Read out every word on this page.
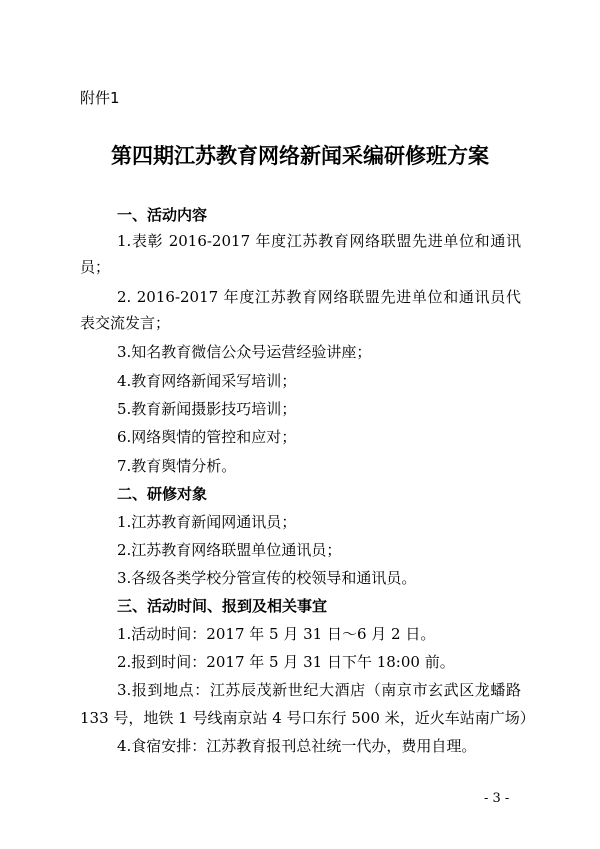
附件1
第四期江苏教育网络新闻采编研修班方案
一、活动内容
1.表彰 2016-2017 年度江苏教育网络联盟先进单位和通讯
员；
2. 2016-2017 年度江苏教育网络联盟先进单位和通讯员代
表交流发言；
3.知名教育微信公众号运营经验讲座；
4.教育网络新闻采写培训；
5.教育新闻摄影技巧培训；
6.网络舆情的管控和应对；
7.教育舆情分析。
二、研修对象
1.江苏教育新闻网通讯员；
2.江苏教育网络联盟单位通讯员；
3.各级各类学校分管宣传的校领导和通讯员。
三、活动时间、报到及相关事宜
1.活动时间：2017 年 5 月 31 日～6 月 2 日。
2.报到时间：2017 年 5 月 31 日下午 18:00 前。
3.报到地点：江苏辰茂新世纪大酒店（南京市玄武区龙蟠路
133 号，地铁 1 号线南京站 4 号口东行 500 米，近火车站南广场）
4.食宿安排：江苏教育报刊总社统一代办，费用自理。
- 3 -
